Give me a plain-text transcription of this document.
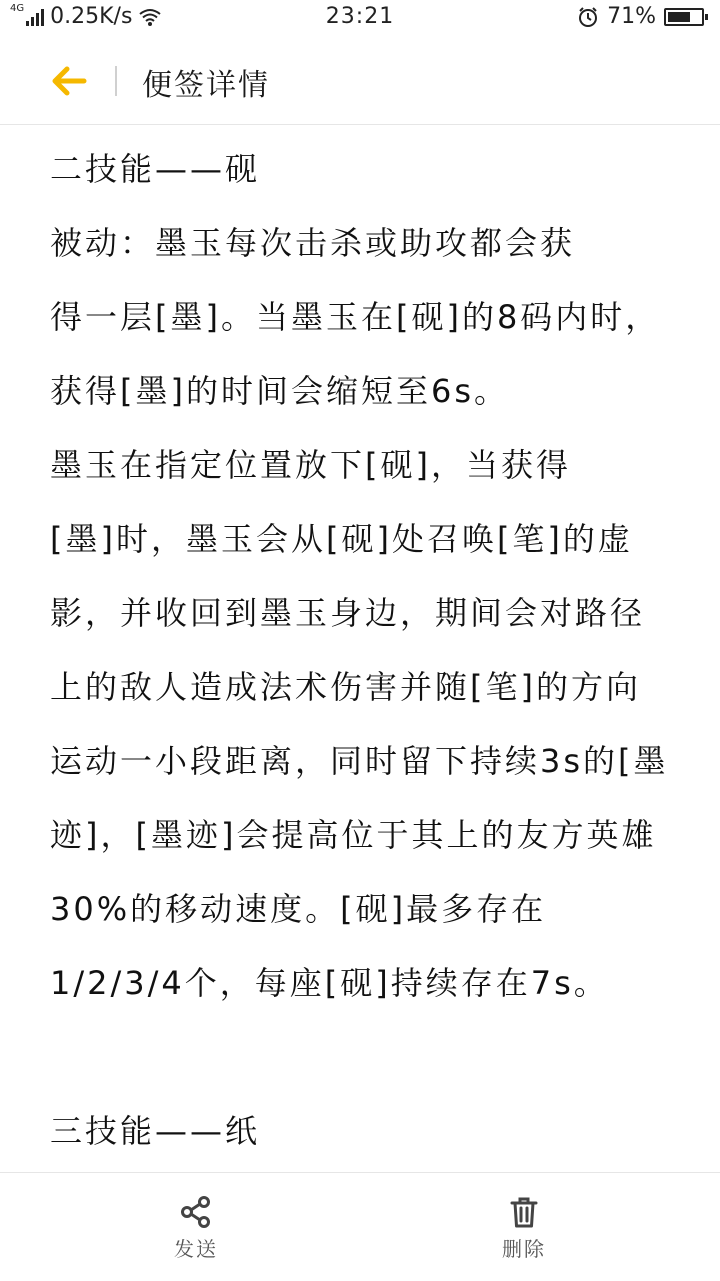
4G 0.25K/s	23:21	71%
便签详情
二技能——砚
被动：墨玉每次击杀或助攻都会获
得一层[墨]。当墨玉在[砚]的8码内时，
获得[墨]的时间会缩短至6s。
墨玉在指定位置放下[砚]，当获得
[墨]时，墨玉会从[砚]处召唤[笔]的虚
影，并收回到墨玉身边，期间会对路径
上的敌人造成法术伤害并随[笔]的方向
运动一小段距离，同时留下持续3s的[墨
迹]，[墨迹]会提高位于其上的友方英雄
30%的移动速度。[砚]最多存在
1/2/3/4个，每座[砚]持续存在7s。
三技能——纸
发送	删除
